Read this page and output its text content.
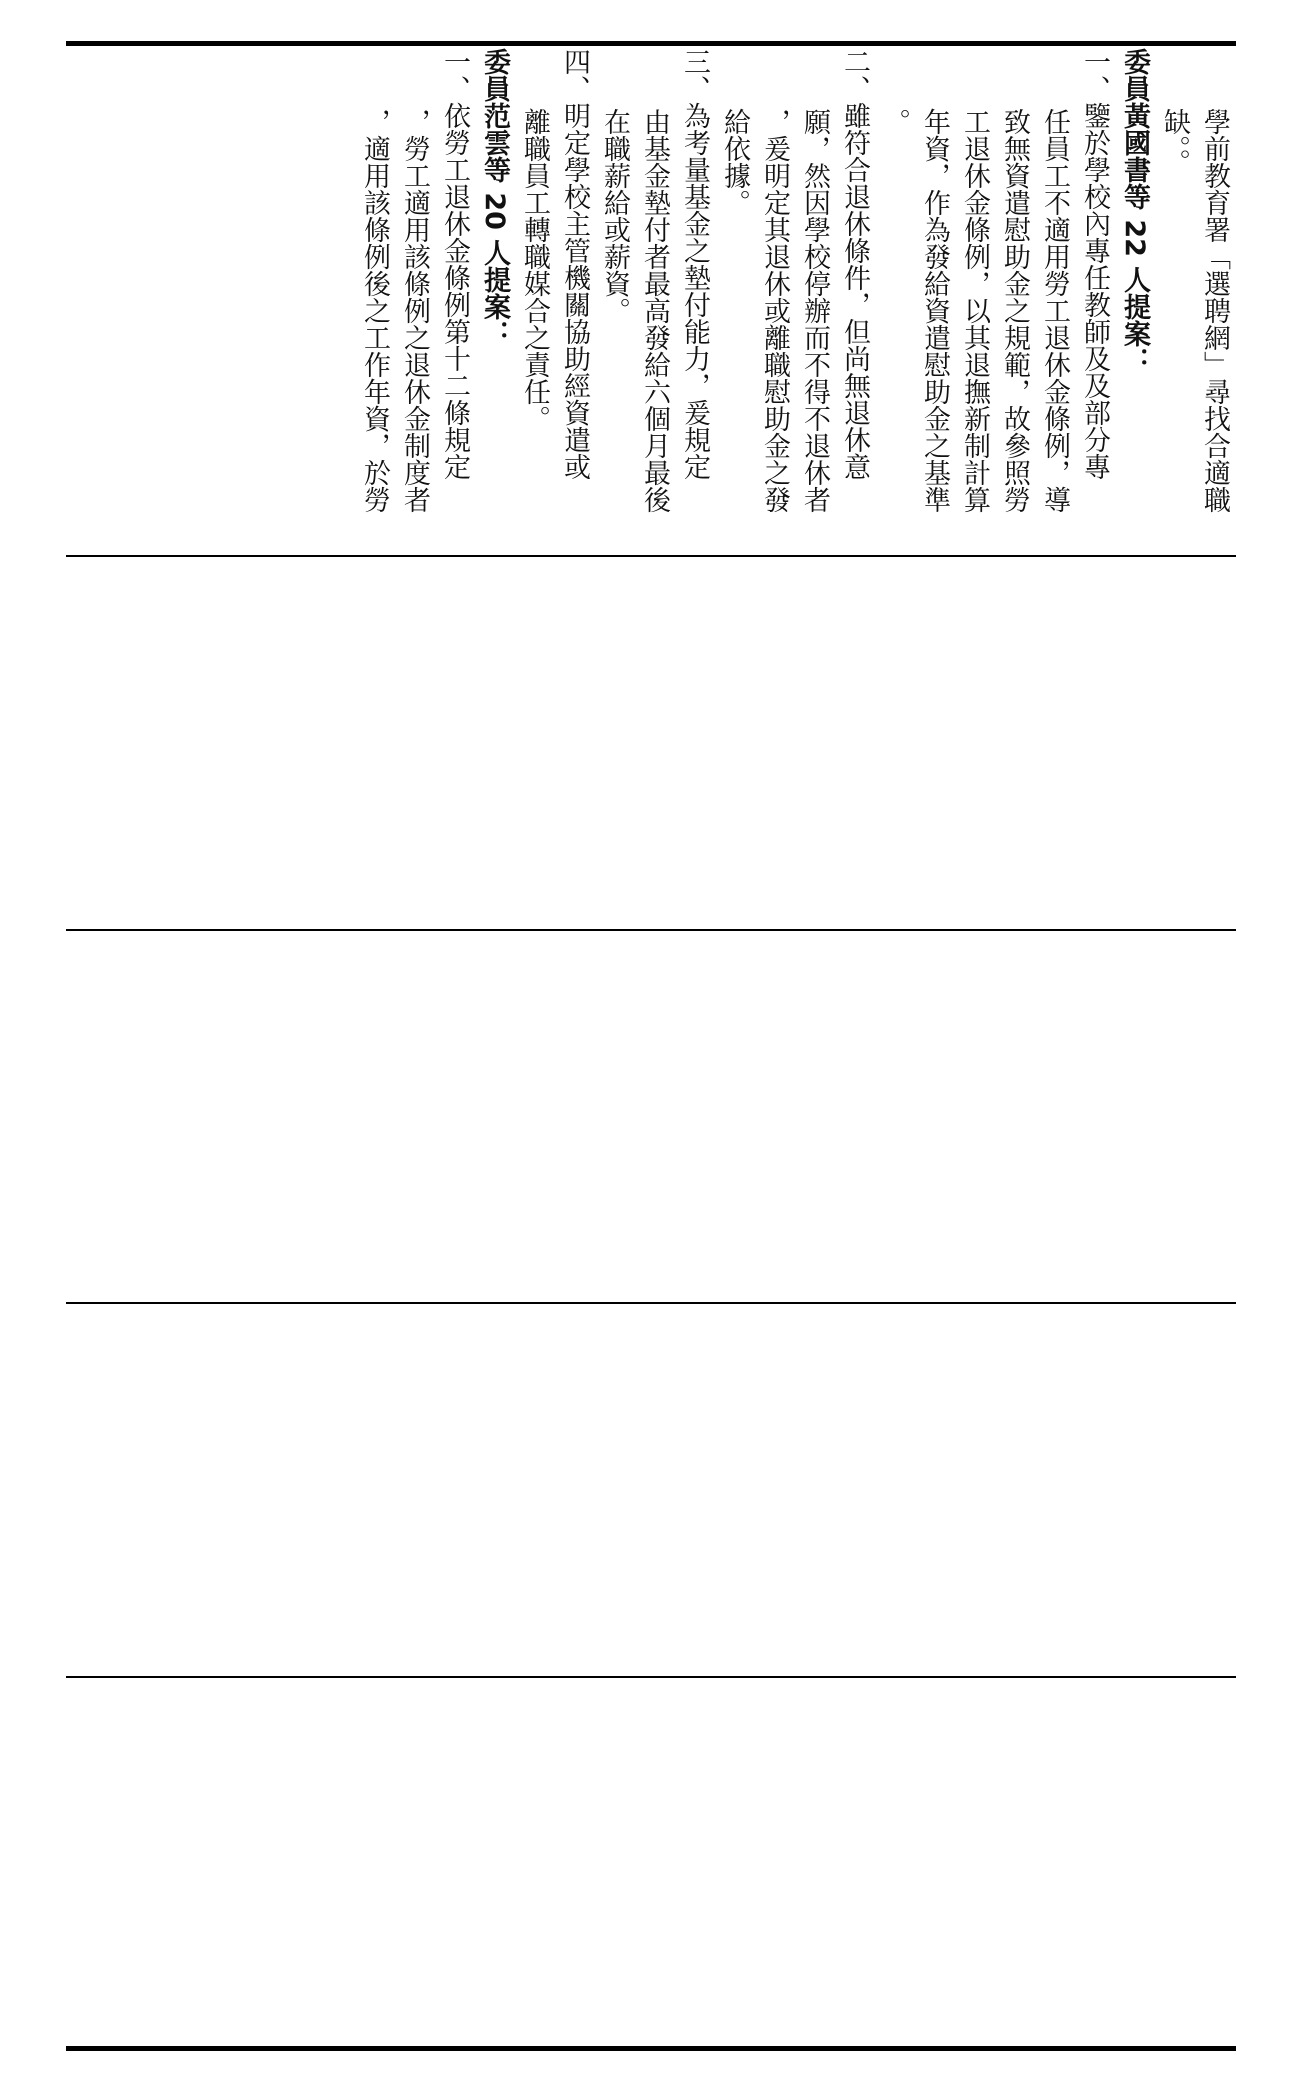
學前教育署「選聘網」尋找合適職
缺。。
委員黃國書等 22 人提案：
一、鑒於學校內專任教師及及部分專
任員工不適用勞工退休金條例，導
致無資遣慰助金之規範，故參照勞
工退休金條例，以其退撫新制計算
年資，作為發給資遣慰助金之基準
。
二、雖符合退休條件，但尚無退休意
願，然因學校停辦而不得不退休者
，爰明定其退休或離職慰助金之發
給依據。
三、為考量基金之墊付能力，爰規定
由基金墊付者最高發給六個月最後
在職薪給或薪資。
四、明定學校主管機關協助經資遣或
離職員工轉職媒合之責任。
委員范雲等 20 人提案：
一、依勞工退休金條例第十二條規定
，勞工適用該條例之退休金制度者
，適用該條例後之工作年資，於勞
